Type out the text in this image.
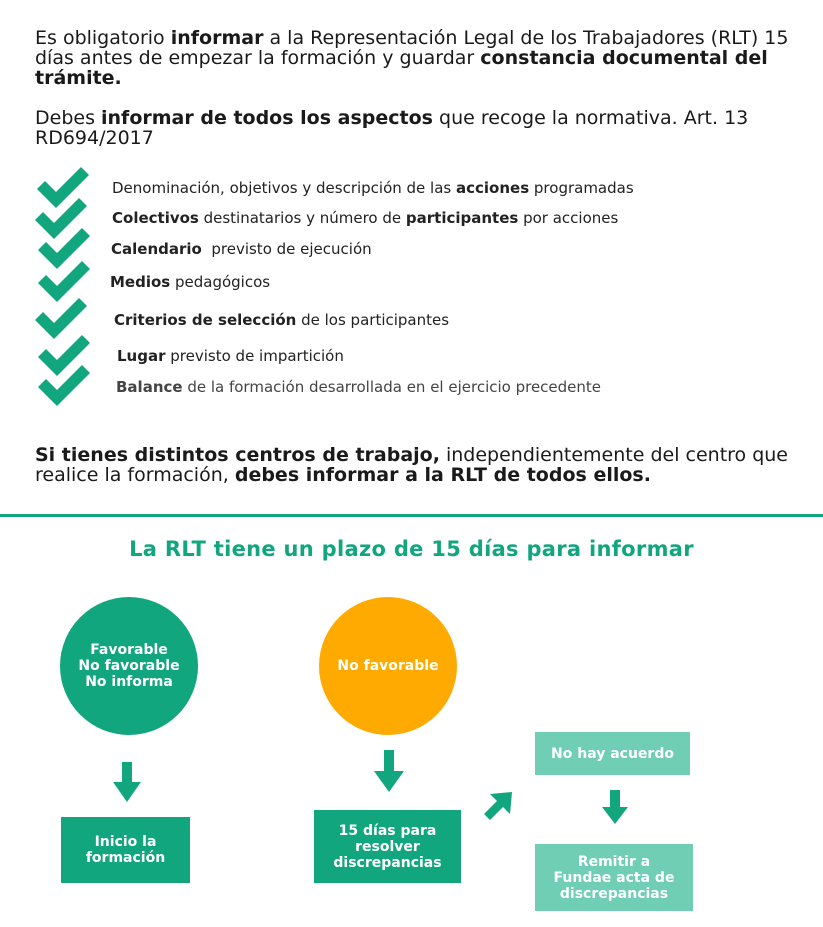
Es obligatorio informar a la Representación Legal de los Trabajadores (RLT) 15 días antes de empezar la formación y guardar constancia documental del trámite.
Debes informar de todos los aspectos que recoge la normativa. Art. 13 RD694/2017
Denominación, objetivos y descripción de las acciones programadas
Colectivos destinatarios y número de participantes por acciones
Calendario  previsto de ejecución
Medios pedagógicos
Criterios de selección de los participantes
Lugar previsto de impartición
Balance de la formación desarrollada en el ejercicio precedente
Si tienes distintos centros de trabajo, independientemente del centro que realice la formación, debes informar a la RLT de todos ellos.
La RLT tiene un plazo de 15 días para informar
Favorable
No favorable
No informa
No favorable
Inicio la
formación
15 días para
resolver
discrepancias
No hay acuerdo
Remitir a
Fundae acta de
discrepancias
